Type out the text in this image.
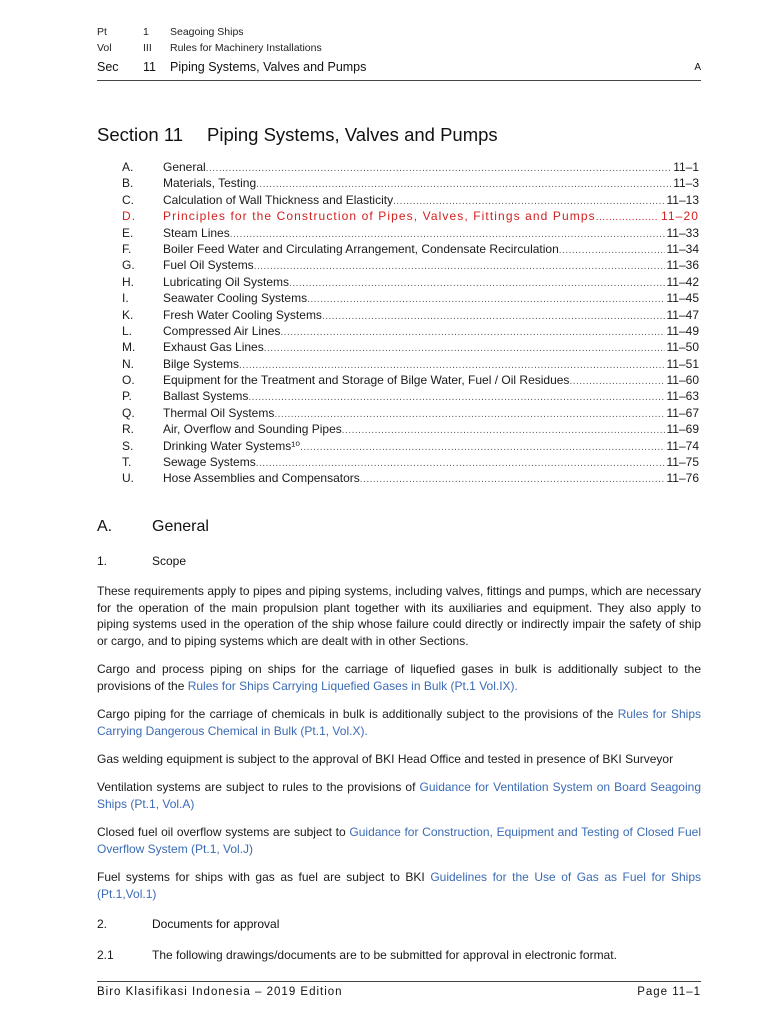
Pt	1 Seagoing Ships
Vol	III Rules for Machinery Installations
Sec 11 Piping Systems, Valves and Pumps	A
Section 11 Piping Systems, Valves and Pumps
A. General .....	11–1
B. Materials, Testing .....	11–3
C. Calculation of Wall Thickness and Elasticity .....	11–13
D. Principles for the Construction of Pipes, Valves, Fittings and Pumps .....	11–20
E. Steam Lines .....	11–33
F.	Boiler Feed Water and Circulating Arrangement, Condensate Recirculation .....	11–34
G. Fuel Oil Systems .....	11–36
H. Lubricating Oil Systems .....	11–42
I.	Seawater Cooling Systems .....	11–45
K. Fresh Water Cooling Systems .....	11–47
L.	Compressed Air Lines .....	11–49
M. Exhaust Gas Lines .....	11–50
N. Bilge Systems .....	11–51
O. Equipment for the Treatment and Storage of Bilge Water, Fuel / Oil Residues .....	11–60
P.	Ballast Systems .....	11–63
Q. Thermal Oil Systems .....	11–67
R. Air, Overflow and Sounding Pipes .....	11–69
S. Drinking Water Systems¹⁰ .....	11–74
T.	Sewage Systems .....	11–75
U. Hose Assemblies and Compensators .....	11–76
A. General
1.	Scope
These requirements apply to pipes and piping systems, including valves, fittings and pumps, which are necessary for the operation of the main propulsion plant together with its auxiliaries and equipment. They also apply to piping systems used in the operation of the ship whose failure could directly or indirectly impair the safety of ship or cargo, and to piping systems which are dealt with in other Sections.
Cargo and process piping on ships for the carriage of liquefied gases in bulk is additionally subject to the provisions of the Rules for Ships Carrying Liquefied Gases in Bulk (Pt.1 Vol.IX).
Cargo piping for the carriage of chemicals in bulk is additionally subject to the provisions of the Rules for Ships Carrying Dangerous Chemical in Bulk (Pt.1, Vol.X).
Gas welding equipment is subject to the approval of BKI Head Office and tested in presence of BKI Surveyor
Ventilation systems are subject to rules to the provisions of Guidance for Ventilation System on Board Seagoing Ships (Pt.1, Vol.A)
Closed fuel oil overflow systems are subject to Guidance for Construction, Equipment and Testing of Closed Fuel Overflow System (Pt.1, Vol.J)
Fuel systems for ships with gas as fuel are subject to BKI Guidelines for the Use of Gas as Fuel for Ships (Pt.1,Vol.1)
2.	Documents for approval
2.1	The following drawings/documents are to be submitted for approval in electronic format.
Biro Klasifikasi Indonesia – 2019 Edition	Page 11–1
